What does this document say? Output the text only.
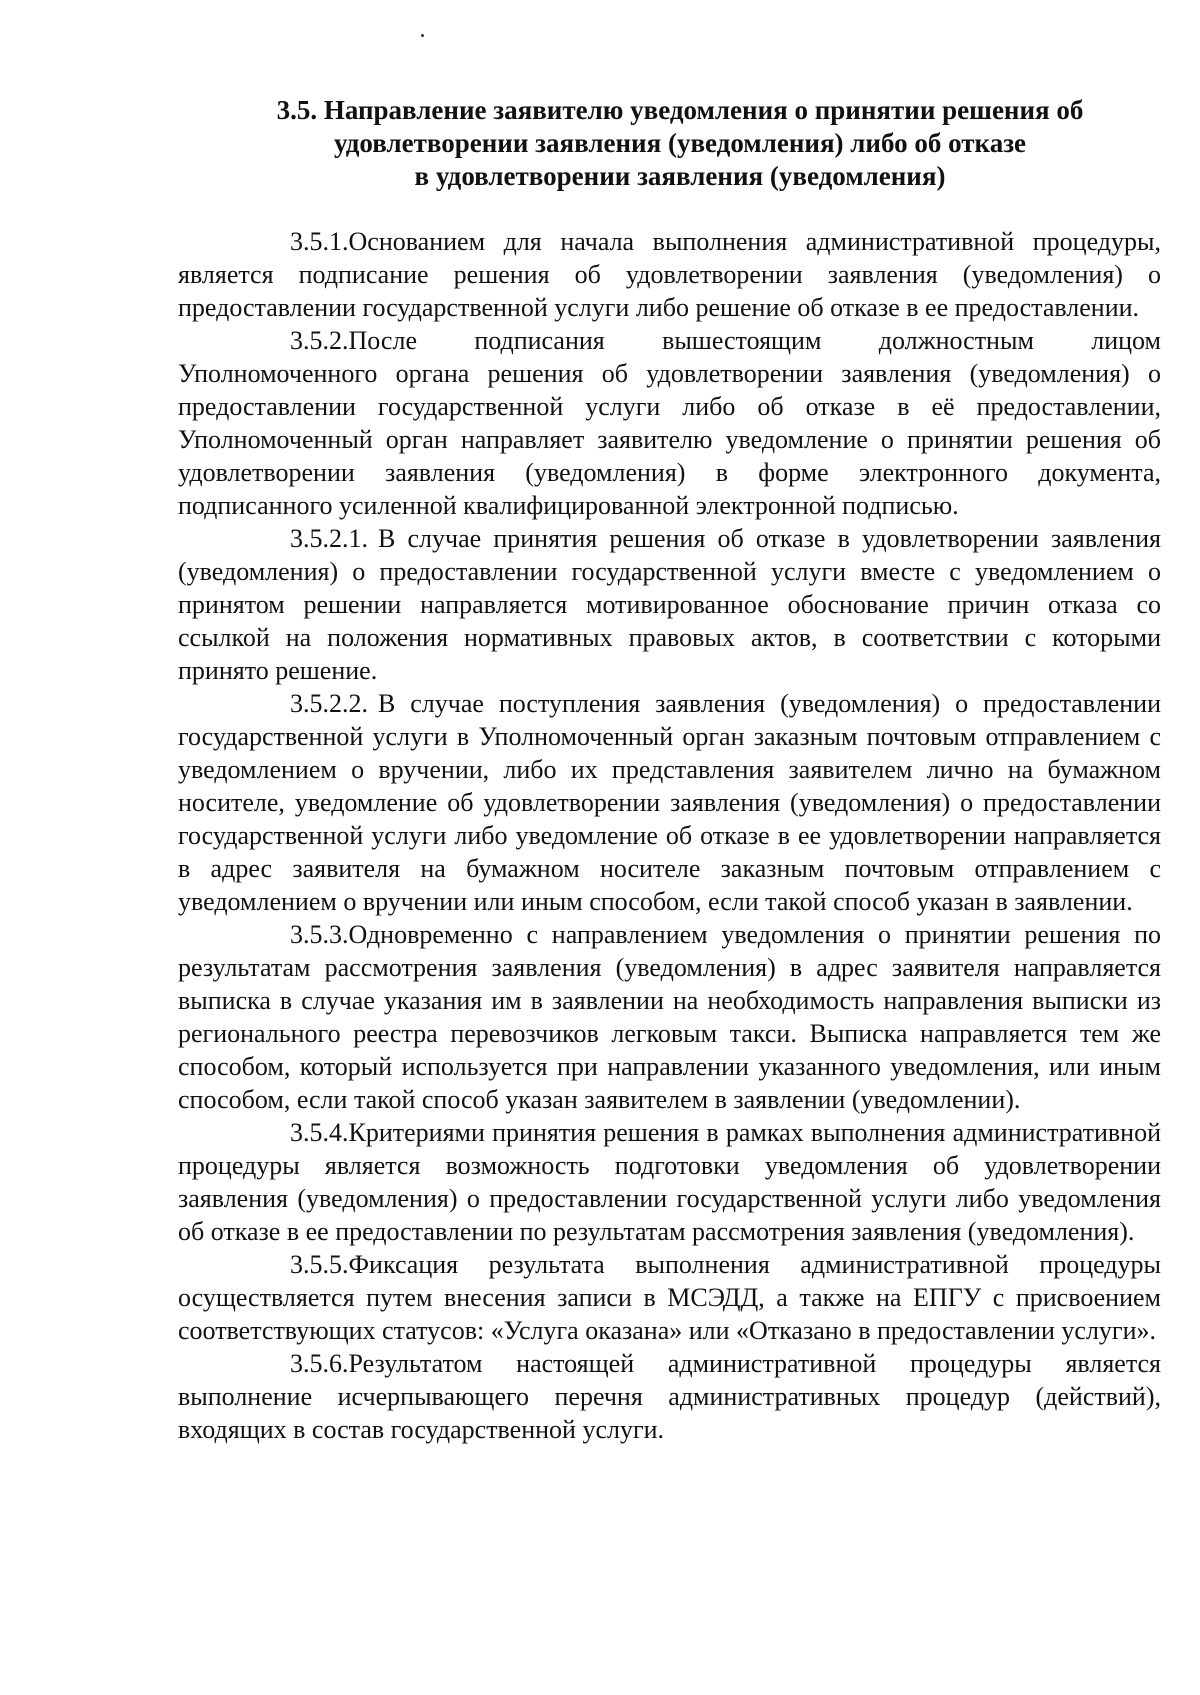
3.5. Направление заявителю уведомления о принятии решения об
удовлетворении заявления (уведомления) либо об отказе
в удовлетворении заявления (уведомления)

3.5.1.Основанием для начала выполнения административной процедуры, является подписание решения об удовлетворении заявления (уведомления) о предоставлении государственной услуги либо решение об отказе в ее предоставлении.

3.5.2.После подписания вышестоящим должностным лицом Уполномоченного органа решения об удовлетворении заявления (уведомления) о предоставлении государственной услуги либо об отказе в её предоставлении, Уполномоченный орган направляет заявителю уведомление о принятии решения об удовлетворении заявления (уведомления) в форме электронного документа, подписанного усиленной квалифицированной электронной подписью.

3.5.2.1. В случае принятия решения об отказе в удовлетворении заявления (уведомления) о предоставлении государственной услуги вместе с уведомлением о принятом решении направляется мотивированное обоснование причин отказа со ссылкой на положения нормативных правовых актов, в соответствии с которыми принято решение.

3.5.2.2. В случае поступления заявления (уведомления) о предоставлении государственной услуги в Уполномоченный орган заказным почтовым отправлением с уведомлением о вручении, либо их представления заявителем лично на бумажном носителе, уведомление об удовлетворении заявления (уведомления) о предоставлении государственной услуги либо уведомление об отказе в ее удовлетворении направляется в адрес заявителя на бумажном носителе заказным почтовым отправлением с уведомлением о вручении или иным способом, если такой способ указан в заявлении.

3.5.3.Одновременно с направлением уведомления о принятии решения по результатам рассмотрения заявления (уведомления) в адрес заявителя направляется выписка в случае указания им в заявлении на необходимость направления выписки из регионального реестра перевозчиков легковым такси. Выписка направляется тем же способом, который используется при направлении указанного уведомления, или иным способом, если такой способ указан заявителем в заявлении (уведомлении).

3.5.4.Критериями принятия решения в рамках выполнения административной процедуры является возможность подготовки уведомления об удовлетворении заявления (уведомления) о предоставлении государственной услуги либо уведомления об отказе в ее предоставлении по результатам рассмотрения заявления (уведомления).

3.5.5.Фиксация результата выполнения административной процедуры осуществляется путем внесения записи в МСЭДД, а также на ЕПГУ с присвоением соответствующих статусов: «Услуга оказана» или «Отказано в предоставлении услуги».

3.5.6.Результатом настоящей административной процедуры является выполнение исчерпывающего перечня административных процедур (действий), входящих в состав государственной услуги.
